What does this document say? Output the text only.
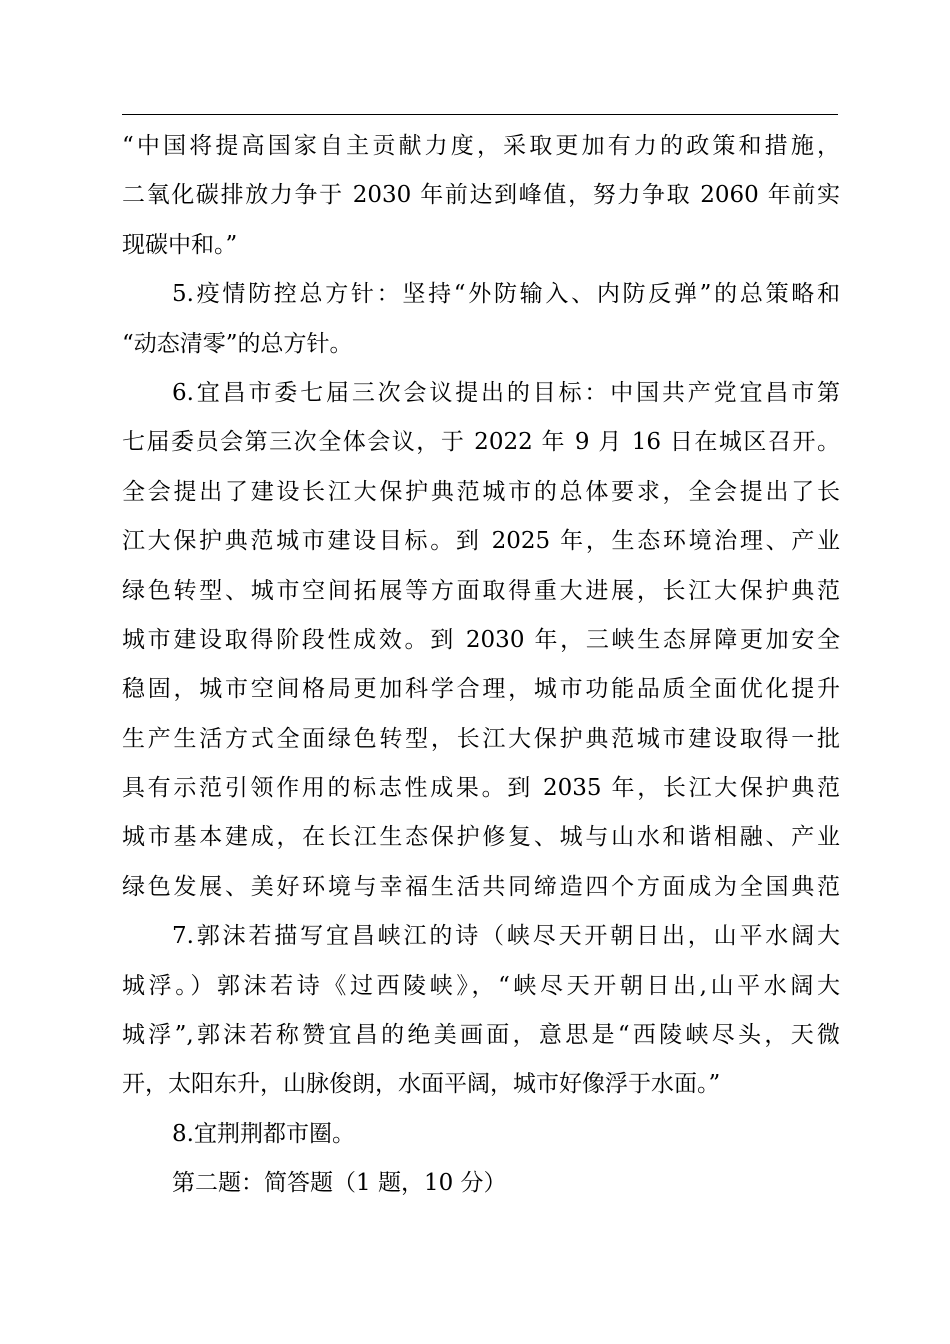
“中国将提高国家自主贡献力度，采取更加有力的政策和措施，
二氧化碳排放力争于 2030 年前达到峰值，努力争取 2060 年前实
现碳中和。”
5.疫情防控总方针：坚持“外防输入、内防反弹”的总策略和
“动态清零”的总方针。
6.宜昌市委七届三次会议提出的目标：中国共产党宜昌市第
七届委员会第三次全体会议，于 2022 年 9 月 16 日在城区召开。
全会提出了建设长江大保护典范城市的总体要求，全会提出了长
江大保护典范城市建设目标。到 2025 年，生态环境治理、产业
绿色转型、城市空间拓展等方面取得重大进展，长江大保护典范
城市建设取得阶段性成效。到 2030 年，三峡生态屏障更加安全
稳固，城市空间格局更加科学合理，城市功能品质全面优化提升
生产生活方式全面绿色转型，长江大保护典范城市建设取得一批
具有示范引领作用的标志性成果。到 2035 年，长江大保护典范
城市基本建成，在长江生态保护修复、城与山水和谐相融、产业
绿色发展、美好环境与幸福生活共同缔造四个方面成为全国典范
7.郭沫若描写宜昌峡江的诗（峡尽天开朝日出，山平水阔大
城浮。）郭沫若诗《过西陵峡》，“峡尽天开朝日出,山平水阔大
城浮”,郭沫若称赞宜昌的绝美画面，意思是“西陵峡尽头，天微
开，太阳东升，山脉俊朗，水面平阔，城市好像浮于水面。”
8.宜荆荆都市圈。
第二题：简答题（1 题，10 分）
